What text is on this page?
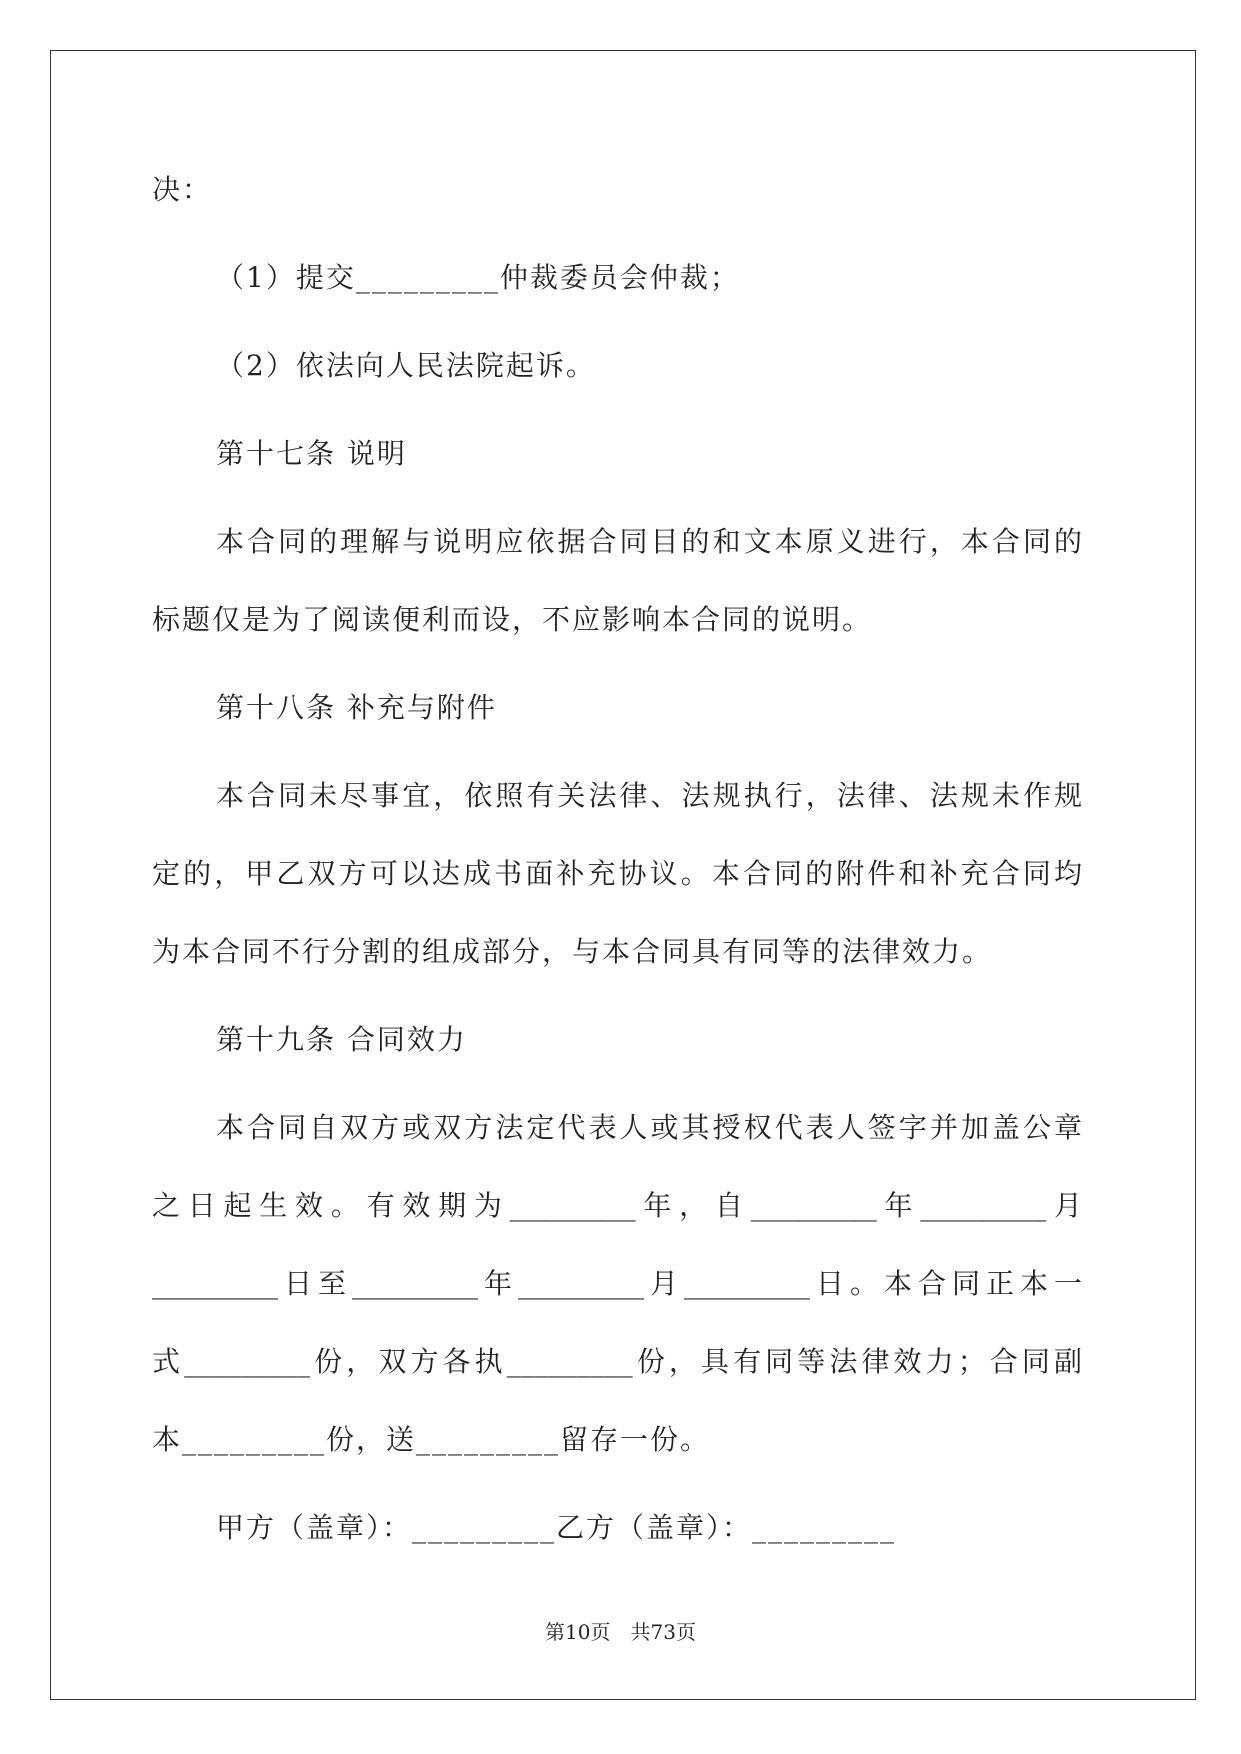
决：
（1）提交_________仲裁委员会仲裁；
（2）依法向人民法院起诉。
第十七条 说明
本合同的理解与说明应依据合同目的和文本原义进行，本合同的
标题仅是为了阅读便利而设，不应影响本合同的说明。
第十八条 补充与附件
本合同未尽事宜，依照有关法律、法规执行，法律、法规未作规
定的，甲乙双方可以达成书面补充协议。本合同的附件和补充合同均
为本合同不行分割的组成部分，与本合同具有同等的法律效力。
第十九条 合同效力
本合同自双方或双方法定代表人或其授权代表人签字并加盖公章
之日起生效。有效期为_________年，自_________年_________月
_________日至_________年_________月_________日。本合同正本一
式_________份，双方各执_________份，具有同等法律效力；合同副
本_________份，送_________留存一份。
甲方（盖章）：_________乙方（盖章）：_________
第10页　共73页
